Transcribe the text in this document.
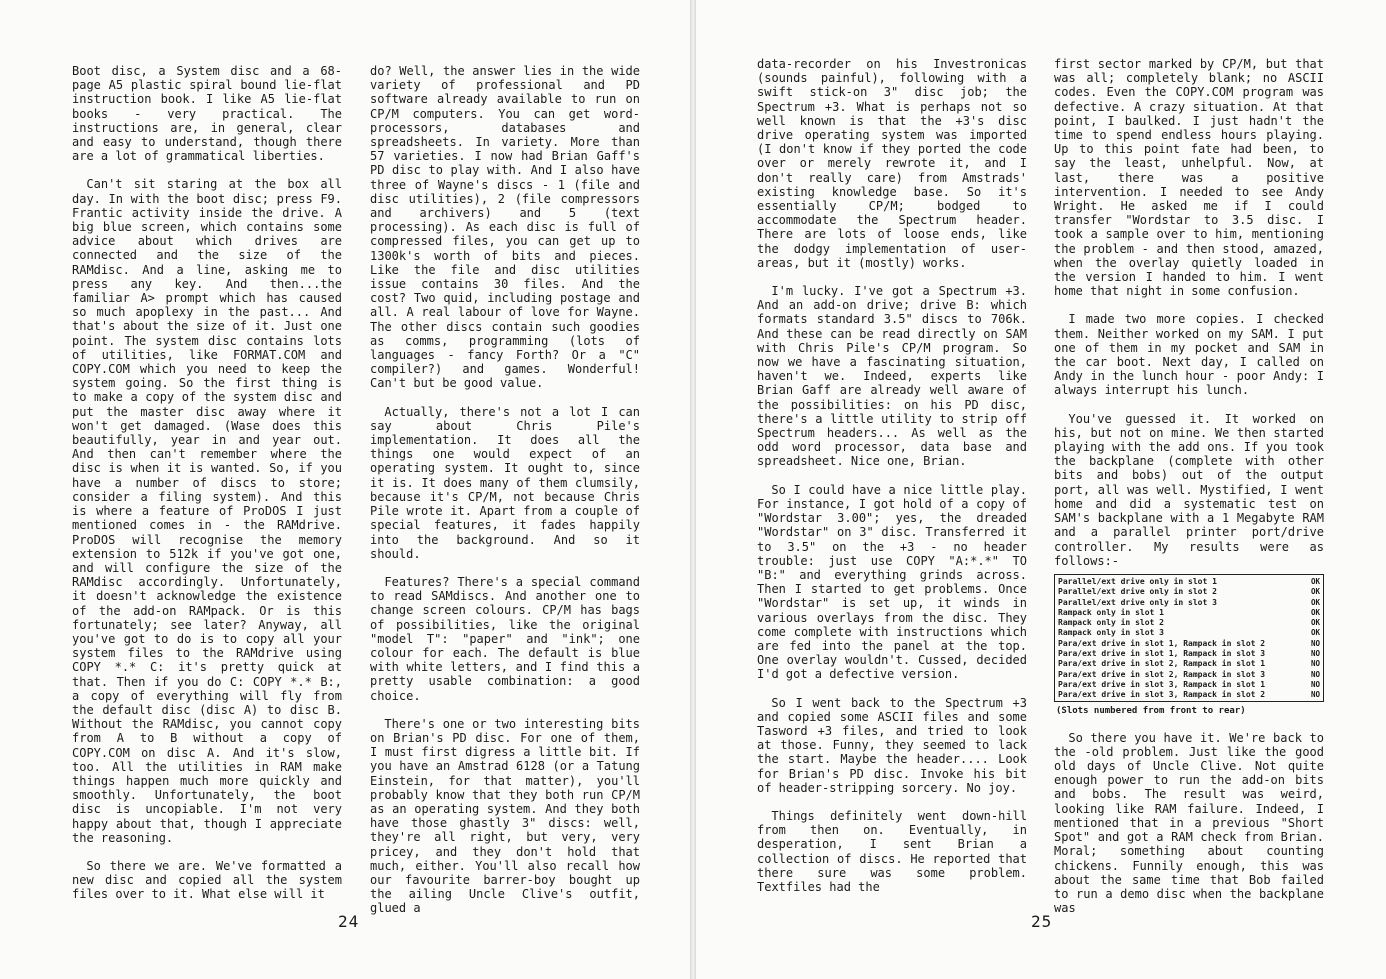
Boot disc, a System disc and a 68-page A5 plastic spiral bound lie-flat instruction book. I like A5 lie-flat books - very practical. The instructions are, in general, clear and easy to understand, though there are a lot of grammatical liberties.

Can't sit staring at the box all day. In with the boot disc; press F9. Frantic activity inside the drive. A big blue screen, which contains some advice about which drives are connected and the size of the RAMdisc. And a line, asking me to press any key. And then...the familiar A> prompt which has caused so much apoplexy in the past... And that's about the size of it. Just one point. The system disc contains lots of utilities, like FORMAT.COM and COPY.COM which you need to keep the system going. So the first thing is to make a copy of the system disc and put the master disc away where it won't get damaged. (Wase does this beautifully, year in and year out. And then can't remember where the disc is when it is wanted. So, if you have a number of discs to store; consider a filing system). And this is where a feature of ProDOS I just mentioned comes in - the RAMdrive. ProDOS will recognise the memory extension to 512k if you've got one, and will configure the size of the RAMdisc accordingly. Unfortunately, it doesn't acknowledge the existence of the add-on RAMpack. Or is this fortunately; see later? Anyway, all you've got to do is to copy all your system files to the RAMdrive using COPY *.* C: it's pretty quick at that. Then if you do C: COPY *.* B:, a copy of everything will fly from the default disc (disc A) to disc B. Without the RAMdisc, you cannot copy from A to B without a copy of COPY.COM on disc A. And it's slow, too. All the utilities in RAM make things happen much more quickly and smoothly. Unfortunately, the boot disc is uncopiable. I'm not very happy about that, though I appreciate the reasoning.

So there we are. We've formatted a new disc and copied all the system files over to it. What else will it

do? Well, the answer lies in the wide variety of professional and PD software already available to run on CP/M computers. You can get word-processors, databases and spreadsheets. In variety. More than 57 varieties. I now had Brian Gaff's PD disc to play with. And I also have three of Wayne's discs - 1 (file and disc utilities), 2 (file compressors and archivers) and 5 (text processing). As each disc is full of compressed files, you can get up to 1300k's worth of bits and pieces. Like the file and disc utilities issue contains 30 files. And the cost? Two quid, including postage and all. A real labour of love for Wayne. The other discs contain such goodies as comms, programming (lots of languages - fancy Forth? Or a "C" compiler?) and games. Wonderful! Can't but be good value.

Actually, there's not a lot I can say about Chris Pile's implementation. It does all the things one would expect of an operating system. It ought to, since it is. It does many of them clumsily, because it's CP/M, not because Chris Pile wrote it. Apart from a couple of special features, it fades happily into the background. And so it should.

Features? There's a special command to read SAMdiscs. And another one to change screen colours. CP/M has bags of possibilities, like the original "model T": "paper" and "ink"; one colour for each. The default is blue with white letters, and I find this a pretty usable combination: a good choice.

There's one or two interesting bits on Brian's PD disc. For one of them, I must first digress a little bit. If you have an Amstrad 6128 (or a Tatung Einstein, for that matter), you'll probably know that they both run CP/M as an operating system. And they both have those ghastly 3" discs: well, they're all right, but very, very pricey, and they don't hold that much, either. You'll also recall how our favourite barrer-boy bought up the ailing Uncle Clive's outfit, glued a

24

data-recorder on his Investronicas (sounds painful), following with a swift stick-on 3" disc job; the Spectrum +3. What is perhaps not so well known is that the +3's disc drive operating system was imported (I don't know if they ported the code over or merely rewrote it, and I don't really care) from Amstrads' existing knowledge base. So it's essentially CP/M; bodged to accommodate the Spectrum header. There are lots of loose ends, like the dodgy implementation of user-areas, but it (mostly) works.

I'm lucky. I've got a Spectrum +3. And an add-on drive; drive B: which formats standard 3.5" discs to 706k. And these can be read directly on SAM with Chris Pile's CP/M program. So now we have a fascinating situation, haven't we. Indeed, experts like Brian Gaff are already well aware of the possibilities: on his PD disc, there's a little utility to strip off Spectrum headers... As well as the odd word processor, data base and spreadsheet. Nice one, Brian.

So I could have a nice little play. For instance, I got hold of a copy of "Wordstar 3.00"; yes, the dreaded "Wordstar" on 3" disc. Transferred it to 3.5" on the +3 - no header trouble: just use COPY "A:*.*" TO "B:" and everything grinds across. Then I started to get problems. Once "Wordstar" is set up, it winds in various overlays from the disc. They come complete with instructions which are fed into the panel at the top. One overlay wouldn't. Cussed, decided I'd got a defective version.

So I went back to the Spectrum +3 and copied some ASCII files and some Tasword +3 files, and tried to look at those. Funny, they seemed to lack the start. Maybe the header.... Look for Brian's PD disc. Invoke his bit of header-stripping sorcery. No joy.

Things definitely went down-hill from then on. Eventually, in desperation, I sent Brian a collection of discs. He reported that there sure was some problem. Textfiles had the

first sector marked by CP/M, but that was all; completely blank; no ASCII codes. Even the COPY.COM program was defective. A crazy situation. At that point, I baulked. I just hadn't the time to spend endless hours playing. Up to this point fate had been, to say the least, unhelpful. Now, at last, there was a positive intervention. I needed to see Andy Wright. He asked me if I could transfer "Wordstar to 3.5 disc. I took a sample over to him, mentioning the problem - and then stood, amazed, when the overlay quietly loaded in the version I handed to him. I went home that night in some confusion.

I made two more copies. I checked them. Neither worked on my SAM. I put one of them in my pocket and SAM in the car boot. Next day, I called on Andy in the lunch hour - poor Andy: I always interrupt his lunch.

You've guessed it. It worked on his, but not on mine. We then started playing with the add ons. If you took the backplane (complete with other bits and bobs) out of the output port, all was well. Mystified, I went home and did a systematic test on SAM's backplane with a 1 Megabyte RAM and a parallel printer port/drive controller. My results were as follows:-

Parallel/ext drive only in slot 1	OK
Parallel/ext drive only in slot 2	OK
Parallel/ext drive only in slot 3	OK
Rampack only in slot 1	OK
Rampack only in slot 2	OK
Rampack only in slot 3	OK
Para/ext drive in slot 1, Rampack in slot 2	NO
Para/ext drive in slot 1, Rampack in slot 3	NO
Para/ext drive in slot 2, Rampack in slot 1	NO
Para/ext drive in slot 2, Rampack in slot 3	NO
Para/ext drive in slot 3, Rampack in slot 1	NO
Para/ext drive in slot 3, Rampack in slot 2	NO
(Slots numbered from front to rear)

So there you have it. We're back to the -old problem. Just like the good old days of Uncle Clive. Not quite enough power to run the add-on bits and bobs. The result was weird, looking like RAM failure. Indeed, I mentioned that in a previous "Short Spot" and got a RAM check from Brian. Moral; something about counting chickens. Funnily enough, this was about the same time that Bob failed to run a demo disc when the backplane was

25
